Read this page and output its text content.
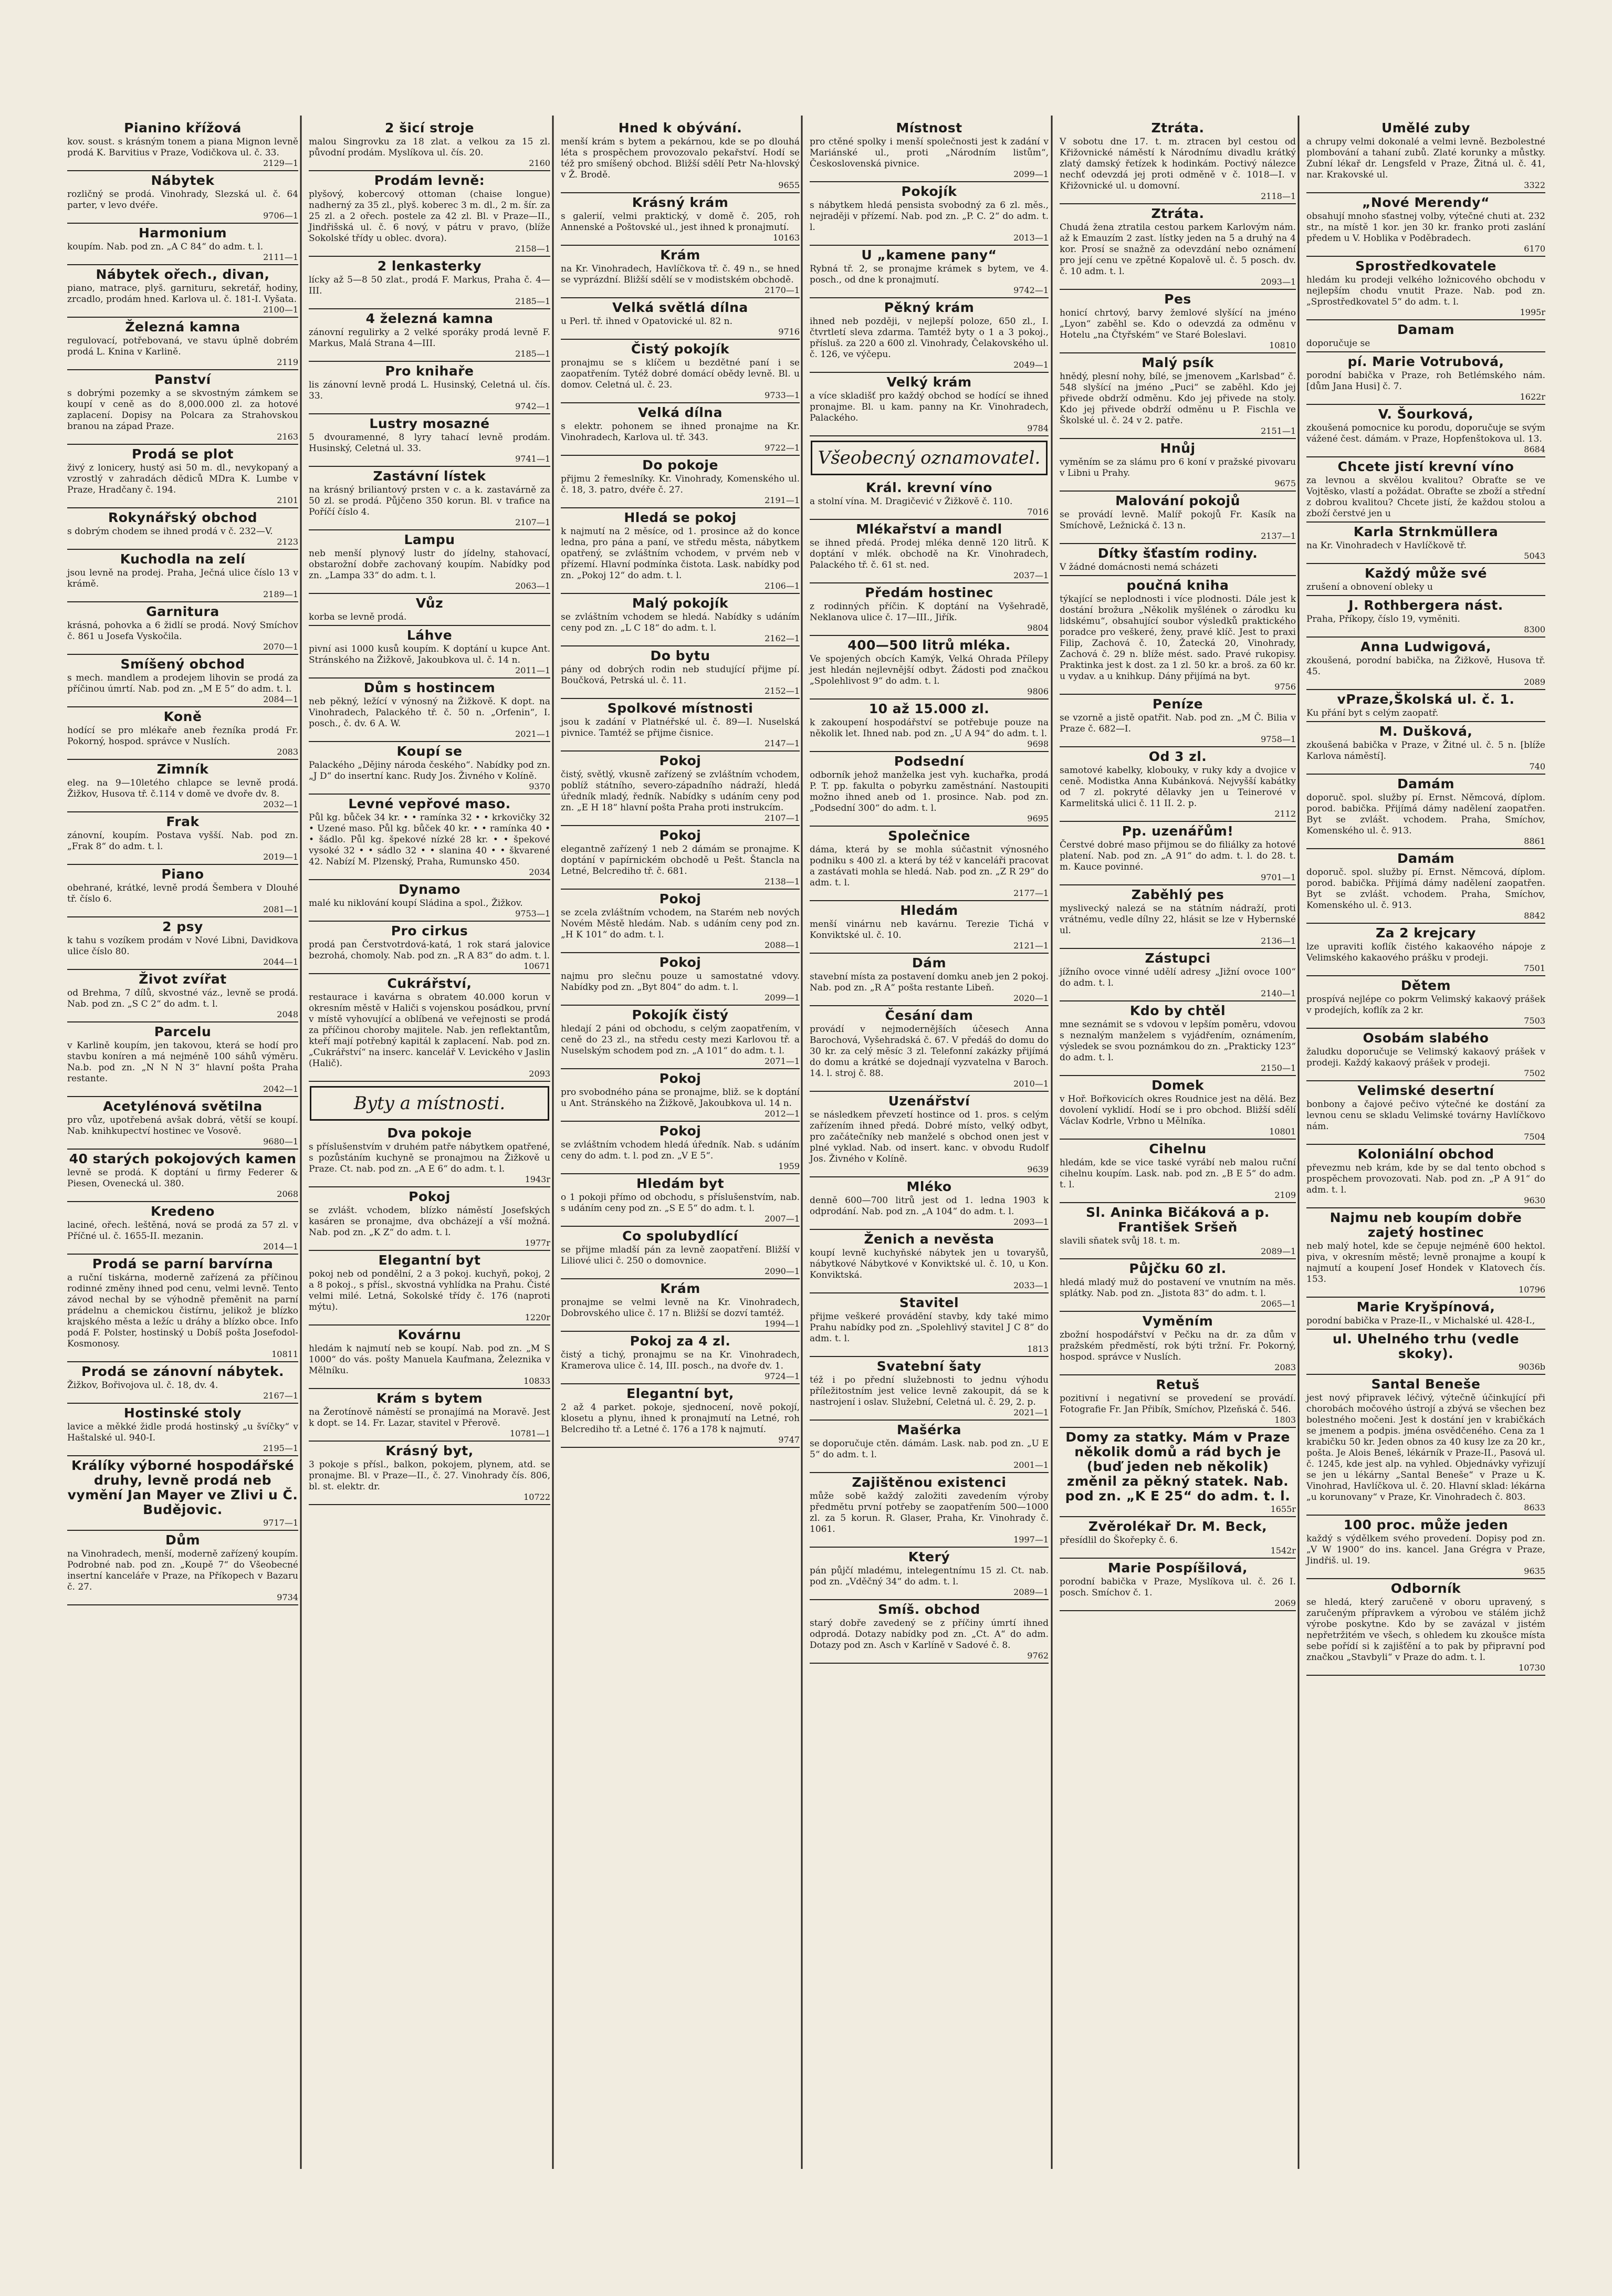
Pianino křížová

kov. soust. s krásným tonem a piana Mignon levně prodá K. Barvitius v Praze, Vodičkova ul. č. 33.

2129—1
Nábytek

rozličný se prodá. Vinohrady, Slezská ul. č. 64 parter, v levo dvéře.

9706—1
Harmonium

koupím. Nab. pod zn. „A C 84“ do adm. t. l.

2111—1
Nábytek ořech., divan,

piano, matrace, plyš. garnituru, sekretář, hodiny, zrcadlo, prodám hned. Karlova ul. č. 181-I. Vyšata.

2100—1
Železná kamna

regulovací, potřebovaná, ve stavu úplně dobrém prodá L. Knina v Karlině.

2119
Panství

s dobrými pozemky a se skvostným zámkem se koupí v ceně as do 8,000.000 zl. za hotové zaplacení. Dopisy na Polcara za Strahovskou branou na západ Praze.

2163
Prodá se plot

živý z lonicery, hustý asi 50 m. dl., nevykopaný a vzrostlý v zahradách dědiců MDra K. Lumbe v Praze, Hradčany č. 194.

2101
Rokynářský obchod

s dobrým chodem se ihned prodá v č. 232—V.

2123
Kuchodla na zelí

jsou levně na prodej. Praha, Ječná ulice číslo 13 v krámě.

2189—1
Garnitura

krásná, pohovka a 6 židlí se prodá. Nový Smíchov č. 861 u Josefa Vyskočila.

2070—1
Smíšený obchod

s mech. mandlem a prodejem lihovin se prodá za příčinou úmrtí. Nab. pod zn. „M E 5“ do adm. t. l.

2084—1
Koně

hodící se pro mlékaře aneb řezníka prodá Fr. Pokorný, hospod. správce v Nuslích.

2083
Zimník

eleg. na 9—10letého chlapce se levně prodá. Žižkov, Husova tř. č.114 v domě ve dvoře dv. 8.

2032—1
Frak

zánovní, koupím. Postava vyšší. Nab. pod zn. „Frak 8“ do adm. t. l.

2019—1
Piano

obehrané, krátké, levně prodá Šembera v Dlouhé tř. číslo 6.

2081—1
2 psy

k tahu s vozíkem prodám v Nové Libni, Davidkova ulice číslo 80.

2044—1
Život zvířat

od Brehma, 7 dílů, skvostné váz., levně se prodá. Nab. pod zn. „S C 2“ do adm. t. l.

2048
Parcelu

v Karlině koupím, jen takovou, která se hodí pro stavbu koníren a má nejméně 100 sáhů výměru. Na.b. pod zn. „N N N 3“ hlavní pošta Praha restante.

2042—1
Acetylénová světilna

pro vůz, upotřebená avšak dobrá, větší se koupí. Nab. knihkupectví hostinec ve Vosově.

9680—1
40 starých pokojových kamen

levně se prodá. K doptání u firmy Federer & Piesen, Ovenecká ul. 380.

2068
Kredeno

laciné, ořech. leštěná, nová se prodá za 57 zl. v Příčné ul. č. 1655-II. mezanin.

2014—1
Prodá se parní barvírna

a ruční tiskárna, moderně zařízená za příčinou rodinné změny ihned pod cenu, velmi levně. Tento závod nechal by se výhodně přeměnit na parní prádelnu a chemickou čistírnu, jelikož je blízko krajského města a ležíc u dráhy a blízko obce. Info podá F. Polster, hostinský u Dobíš pošta Josefodol-Kosmonosy.

10811
Prodá se zánovní nábytek.

Žižkov, Bořivojova ul. č. 18, dv. 4.

2167—1
Hostinské stoly

lavice a měkké židle prodá hostinský „u švíčky“ v Haštalské ul. 940-I.

2195—1
Králíky výborné hospodářské druhy, levně prodá neb vymění Jan Mayer ve Zlivi u Č. Budějovic.
9717—1
Dům

na Vinohradech, menší, moderně zařízený koupím. Podrobné nab. pod zn. „Koupě 7“ do Všeobecné insertní kanceláře v Praze, na Příkopech v Bazaru č. 27.

9734
2 šicí stroje

malou Singrovku za 18 zlat. a velkou za 15 zl. původní prodám. Myslíkova ul. čís. 20.

2160
Prodám levně:

plyšový, kobercový ottoman (chaise longue) nadherný za 35 zl., plyš. koberec 3 m. dl., 2 m. šír. za 25 zl. a 2 ořech. postele za 42 zl. Bl. v Praze—II., Jindřišská ul. č. 6 nový, v pátru v pravo, (blíže Sokolské třídy u oblec. dvora).

2158—1
2 lenkasterky

lícky až 5—8 50 zlat., prodá F. Markus, Praha č. 4—III.

2185—1
4 železná kamna

zánovní regulirky a 2 velké sporáky prodá levně F. Markus, Malá Strana 4—III.

2185—1
Pro knihaře

lis zánovní levně prodá L. Husinský, Celetná ul. čís. 33.

9742—1
Lustry mosazné

5 dvouramenné, 8 lyry tahací levně prodám. Husinský, Celetná ul. 33.

9741—1
Zastávní lístek

na krásný briliantový prsten v c. a k. zastavárně za 50 zl. se prodá. Půjčeno 350 korun. Bl. v trafice na Poříčí číslo 4.

2107—1
Lampu

neb menší plynový lustr do jídelny, stahovací, obstarožní dobře zachovaný koupím. Nabídky pod zn. „Lampa 33“ do adm. t. l.

2063—1
Vůz

korba se levně prodá.

Láhve

pivní asi 1000 kusů koupím. K doptání u kupce Ant. Stránského na Žižkově, Jakoubkova ul. č. 14 n.

2011—1
Dům s hostincem

neb pěkný, ležící v výnosný na Žižkově. K dopt. na Vinohradech, Palackého tř. č. 50 n. „Orfenin“, I. posch., č. dv. 6 A. W.

2021—1
Koupí se

Palackého „Dějiny národa českého“. Nabídky pod zn. „J D“ do insertní kanc. Rudy Jos. Živného v Kolíně.

9370
Levné vepřové maso.

Půl kg. bůček 34 kr. • • ramínka 32 • • krkovičky 32 • Uzené maso. Půl kg. bůček 40 kr. • • ramínka 40 • • šádlo. Půl kg. špekové nízké 28 kr. • • špekové vysoké 32 • • sádlo 32 • • slanina 40 • • škvarené 42. Nabízí M. Plzenský, Praha, Rumunsko 450.

2034
Dynamo

malé ku niklování koupí Sládina a spol., Žižkov.

9753—1
Pro cirkus

prodá pan Čerstvotrdová-katá, 1 rok stará jalovice bezrohá, chomoly. Nab. pod zn. „R A 83“ do adm. t. l.

10671
Cukrářství,

restaurace i kavárna s obratem 40.000 korun v okresním městě v Haliči s vojenskou posádkou, první v místě vyhovující a oblíbená ve veřejnosti se prodá za příčinou choroby majitele. Nab. jen reflektantům, kteří mají potřebný kapitál k zaplacení. Nab. pod zn. „Cukrářství“ na inserc. kancelář V. Levického v Jaslin (Halič).

2093
Byty a místnosti.
Dva pokoje

s příslušenstvím v druhém patře nábytkem opatřené, s pozůstáním kuchyně se pronajmou na Žižkově u Praze. Ct. nab. pod zn. „A E 6“ do adm. t. l.

1943r
Pokoj

se zvlášt. vchodem, blízko náměstí Josefských kasáren se pronajme, dva obcházejí a vší možná. Nab. pod zn. „K Z“ do adm. t. l.

1977r
Elegantní byt

pokoj neb od pondělní, 2 a 3 pokoj. kuchyň, pokoj, 2 a 8 pokoj., s přísl., skvostná vyhlídka na Prahu. Čisté velmi milé. Letná, Sokolské třídy č. 176 (naproti mýtu).

1220r
Kovárnu

hledám k najmutí neb se koupí. Nab. pod zn. „M S 1000“ do vás. pošty Manuela Kaufmana, Železnika v Mělníku.

10833
Krám s bytem

na Žerotínově náměstí se pronajímá na Moravě. Jest k dopt. se 14. Fr. Lazar, stavitel v Přerově.

10781—1
Krásný byt,

3 pokoje s přísl., balkon, pokojem, plynem, atd. se pronajme. Bl. v Praze—II., č. 27. Vinohrady čís. 806, bl. st. elektr. dr.

10722
Hned k obývání.

menší krám s bytem a pekárnou, kde se po dlouhá léta s prospěchem provozovalo pekařství. Hodí se též pro smíšený obchod. Bližší sdělí Petr Na-hlovský v Ž. Brodě.

9655
Krásný krám

s galerií, velmi praktický, v domě č. 205, roh Annenské a Poštovské ul., jest ihned k pronajmutí.

10163
Krám

na Kr. Vinohradech, Havlíčkova tř. č. 49 n., se hned se vyprázdní. Bližší sdělí se v modistském obchodě.

2170—1
Velká světlá dílna

u Perl. tř. ihned v Opatovické ul. 82 n.

9716
Čistý pokojík

pronajmu se s klíčem u bezdětné paní i se zaopatřením. Tytéž dobré domácí obědy levně. Bl. u domov. Celetná ul. č. 23.

9733—1
Velká dílna

s elektr. pohonem se ihned pronajme na Kr. Vinohradech, Karlova ul. tř. 343.

9722—1
Do pokoje

přijmu 2 řemeslníky. Kr. Vinohrady, Komenského ul. č. 18, 3. patro, dvéře č. 27.

2191—1
Hledá se pokoj

k najmutí na 2 měsíce, od 1. prosince až do konce ledna, pro pána a paní, ve středu města, nábytkem opatřený, se zvláštním vchodem, v prvém neb v přízemí. Hlavní podmínka čistota. Lask. nabídky pod zn. „Pokoj 12“ do adm. t. l.

2106—1
Malý pokojík

se zvláštním vchodem se hledá. Nabídky s udáním ceny pod zn. „L C 18“ do adm. t. l.

2162—1
Do bytu

pány od dobrých rodin neb studující přijme pí. Boučková, Petrská ul. č. 11.

2152—1
Spolkové místnosti

jsou k zadání v Platnéřské ul. č. 89—I. Nuselská pivnice. Tamtéž se přijme čisnice.

2147—1
Pokoj

čistý, světlý, vkusně zařízený se zvláštním vchodem, poblíž státního, severo-západního nádraží, hledá úředník mladý, ředník. Nabídky s udáním ceny pod zn. „E H 18“ hlavní pošta Praha proti instrukcím.

2107—1
Pokoj

elegantně zařízený 1 neb 2 dámám se pronajme. K doptání v papírnickém obchodě u Pešt. Štancla na Letné, Belcrediho tř. č. 681.

2138—1
Pokoj

se zcela zvláštním vchodem, na Starém neb nových Novém Městě hledám. Nab. s udáním ceny pod zn. „H K 101“ do adm. t. l.

2088—1
Pokoj

najmu pro slečnu pouze u samostatné vdovy. Nabídky pod zn. „Byt 804“ do adm. t. l.

2099—1
Pokojík čistý

hledají 2 páni od obchodu, s celým zaopatřením, v ceně do 23 zl., na středu cesty mezi Karlovou tř. a Nuselským schodem pod zn. „A 101“ do adm. t. l.

2071—1
Pokoj

pro svobodného pána se pronajme, bliž. se k doptání u Ant. Stránského na Žižkově, Jakoubkova ul. 14 n.

2012—1
Pokoj

se zvláštním vchodem hledá úředník. Nab. s udáním ceny do adm. t. l. pod zn. „V E 5“.

1959
Hledám byt

o 1 pokoji přímo od obchodu, s příslušenstvím, nab. s udáním ceny pod zn. „S E 5“ do adm. t. l.

2007—1
Co spolubydlící

se přijme mladší pán za levně zaopatření. Bližší v Liliové ulici č. 250 o domovnice.

2090—1
Krám

pronajme se velmi levně na Kr. Vinohradech, Dobrovského ulice č. 17 n. Bližší se dozví tamtéž.

1994—1
Pokoj za 4 zl.

čistý a tichý, pronajmu se na Kr. Vinohradech, Kramerova ulice č. 14, III. posch., na dvoře dv. 1.

9724—1
Elegantní byt,

2 až 4 parket. pokoje, sjednocení, nově pokojí, klosetu a plynu, ihned k pronajmutí na Letné, roh Belcrediho tř. a Letné č. 176 a 178 k najmutí.

9747
Místnost

pro ctěné spolky i menší společnosti jest k zadání v Mariánské ul., proti „Národním listům“, Československá pivnice.

2099—1
Pokojík

s nábytkem hledá pensista svobodný za 6 zl. měs., nejraději v přízemí. Nab. pod zn. „P. C. 2“ do adm. t. l.

2013—1
U „kamene pany“

Rybná tř. 2, se pronajme krámek s bytem, ve 4. posch., od dne k pronajmutí.

9742—1
Pěkný krám

ihned neb později, v nejlepší poloze, 650 zl., I. čtvrtletí sleva zdarma. Tamtéž byty o 1 a 3 pokoj., přísluš. za 220 a 600 zl. Vinohrady, Čelakovského ul. č. 126, ve výčepu.

2049—1
Velký krám

a více skladišť pro každý obchod se hodící se ihned pronajme. Bl. u kam. panny na Kr. Vinohradech, Palackého.

9784
Všeobecný oznamovatel.
Král. krevní víno

a stolní vína. M. Dragičević v Žižkově č. 110.

7016
Mlékařství a mandl

se ihned předá. Prodej mléka denně 120 litrů. K doptání v mlék. obchodě na Kr. Vinohradech, Palackého tř. č. 61 st. ned.

2037—1
Předám hostinec

z rodinných příčin. K doptání na Vyšehradě, Neklanova ulice č. 17—III., Jiřík.

9804
400—500 litrů mléka.

Ve spojených obcích Kamýk, Velká Ohrada Přílepy jest hledán nejlevnější odbyt. Žádosti pod značkou „Spolehlivost 9“ do adm. t. l.

9806
10 až 15.000 zl.

k zakoupení hospodářství se potřebuje pouze na několik let. Ihned nab. pod zn. „U A 94“ do adm. t. l.

9698
Podsední

odborník jehož manželka jest vyh. kuchařka, prodá P. T. pp. fakulta o pobyrku zaměstnání. Nastoupiti možno ihned aneb od 1. prosince. Nab. pod zn. „Podsední 300“ do adm. t. l.

9695
Společnice

dáma, která by se mohla súčastnit výnosného podniku s 400 zl. a která by též v kanceláři pracovat a zastávati mohla se hledá. Nab. pod zn. „Z R 29“ do adm. t. l.

2177—1
Hledám

menší vinárnu neb kavárnu. Terezie Tichá v Konviktské ul. č. 10.

2121—1
Dám

stavební místa za postavení domku aneb jen 2 pokoj. Nab. pod zn. „R A“ pošta restante Libeň.

2020—1
Česání dam

provádí v nejmodernějších účesech Anna Barochová, Vyšehradská č. 67. V předáš do domu do 30 kr. za celý měsíc 3 zl. Telefonní zakázky přijímá do domu a krátké se dojednají vyzvatelna v Baroch. 14. l. stroj č. 88.

2010—1
Uzenářství

se následkem převzetí hostince od 1. pros. s celým zařízením ihned předá. Dobré místo, velký odbyt, pro začátečníky neb manželé s obchod onen jest v plné vyklad. Nab. od insert. kanc. v obvodu Rudolf Jos. Živného v Kolíně.

9639
Mléko

denně 600—700 litrů jest od 1. ledna 1903 k odprodání. Nab. pod zn. „A 104“ do adm. t. l.

2093—1
Ženich a nevěsta

koupí levně kuchyňské nábytek jen u tovaryšů, nábytkové Nábytkové v Konviktské ul. č. 10, u Kon. Konviktská.

2033—1
Stavitel

přijme veškeré provádění stavby, kdy také mimo Prahu nabídky pod zn. „Spolehlivý stavitel J C 8“ do adm. t. l.

1813
Svatební šaty

též i po přední služebnosti to jednu výhodu příležitostním jest velice levně zakoupit, dá se k nastrojení i oslav. Služební, Celetná ul. č. 29, 2. p.

2021—1
Mašérka

se doporučuje ctěn. dámám. Lask. nab. pod zn. „U E 5“ do adm. t. l.

2001—1
Zajištěnou existenci

může sobě každý založiti zavedením výroby předmětu první potřeby se zaopatřením 500—1000 zl. za 5 korun. R. Glaser, Praha, Kr. Vinohrady č. 1061.

1997—1
Který

pán půjčí mladému, intelegentnímu 15 zl. Ct. nab. pod zn. „Vděčný 34“ do adm. t. l.

2089—1
Smíš. obchod

starý dobře zavedený se z příčiny úmrtí ihned odprodá. Dotazy nabídky pod zn. „Ct. A“ do adm. Dotazy pod zn. Asch v Karlíně v Sadové č. 8.

9762
Ztráta.

V sobotu dne 17. t. m. ztracen byl cestou od Křižovnické náměstí k Národnímu divadlu krátký zlatý damský řetízek k hodinkám. Poctivý nálezce nechť odevzdá jej proti odměně v č. 1018—I. v Křižovnické ul. u domovní.

2118—1
Ztráta.

Chudá žena ztratila cestou parkem Karlovým nám. až k Emauzím 2 zast. lístky jeden na 5 a druhý na 4 kor. Prosí se snažně za odevzdání nebo oznámení pro její cenu ve zpětné Kopalově ul. č. 5 posch. dv. č. 10 adm. t. l.

2093—1
Pes

honicí chrtový, barvy žemlové slyšící na jméno „Lyon“ zaběhl se. Kdo o odevzdá za odměnu v Hotelu „na Čtyřském“ ve Staré Boleslavi.

10810
Malý psík

hnědý, plesní nohy, bílé, se jmenovem „Karlsbad“ č. 548 slyšící na jméno „Puci“ se zaběhl. Kdo jej přivede obdrží odměnu. Kdo jej přivede na stoly. Kdo jej přivede obdrží odměnu u P. Fischla ve Školské ul. č. 24 v 2. patře.

2151—1
Hnůj

vyměním se za slámu pro 6 koní v pražské pivovaru v Libni u Prahy.

9675
Malování pokojů

se provádí levně. Malíř pokojů Fr. Kasík na Smíchově, Ležnická č. 13 n.

2137—1
Dítky šťastím rodiny.

V žádné domácnosti nemá scházeti

poučná kniha

týkající se neplodnosti i více plodnosti. Dále jest k dostání brožura „Několik myšlének o zárodku ku lidskému“, obsahující soubor výsledků praktického poradce pro veškeré, ženy, pravé klíč. Jest to praxi Filip, Zachová č. 10, Žatecká 20, Vinohrady, Zachová č. 29 n. blíže mést. sado. Pravé rukopisy. Praktinka jest k dost. za 1 zl. 50 kr. a broš. za 60 kr. u vydav. a u knihkup. Dány přijímá na byt.

9756
Peníze

se vzorně a jistě opatřit. Nab. pod zn. „M Č. Bilia v Praze č. 682—I.

9758—1
Od 3 zl.

samotové kabelky, klobouky, v ruky kdy a dvojice v ceně. Modistka Anna Kubánková. Nejvyšší kabátky od 7 zl. pokryté dělavky jen u Teinerové v Karmelitská ulici č. 11 II. 2. p.

2112
Pp. uzenářům!

Čerstvé dobré maso přijmou se do filiálky za hotové platení. Nab. pod zn. „A 91“ do adm. t. l. do 28. t. m. Kauce povinné.

9701—1
Zaběhlý pes

myslivecký nalezá se na státním nádraží, proti vrátnému, vedle dílny 22, hlásit se lze v Hybernské ul.

2136—1
Zástupci

jížního ovoce vinné udělí adresy „Jižní ovoce 100“ do adm. t. l.

2140—1
Kdo by chtěl

mne seznámit se s vdovou v lepším poměru, vdovou s neznalým manželem s vyjádřením, oznámením, výsledek se svou poznámkou do zn. „Prakticky 123“ do adm. t. l.

2150—1
Domek

v Hoř. Bořkovicích okres Roudnice jest na dělá. Bez dovolení vyklidí. Hodí se i pro obchod. Bližší sdělí Václav Kodrle, Vrbno u Mělníka.

10801
Cihelnu

hledám, kde se vice taské vyrábí neb malou ruční cihelnu koupím. Lask. nab. pod zn. „B E 5“ do adm. t. l.

2109
Sl. Aninka Bičáková a p. František Sršeň

slavili sňatek svůj 18. t. m.

2089—1
Půjčku 60 zl.

hledá mladý muž do postavení ve vnutním na měs. splátky. Nab. pod zn. „Jistota 83“ do adm. t. l.

2065—1
Vyměním

zbožní hospodářství v Pečku na dr. za dům v pražském předměstí, rok býti tržní. Fr. Pokorný, hospod. správce v Nuslích.

2083
Retuš

pozitivní i negativní se provedení se provádí. Fotografie Fr. Jan Přibík, Smíchov, Plzeňská č. 546.

1803
Domy za statky. Mám v Praze několik domů a rád bych je (buď jeden neb několik) změnil za pěkný statek. Nab. pod zn. „K E 25“ do adm. t. l.
1655r
Zvěrolékař Dr. M. Beck,

přesídlil do Škořepky č. 6.

1542r
Marie Pospíšilová,

porodní babička v Praze, Myslíkova ul. č. 26 I. posch. Smíchov č. 1.

2069
Umělé zuby

a chrupy velmi dokonalé a velmi levně. Bezbolestné plombování a tahaní zubů. Zlaté korunky a můstky. Zubní lékař dr. Lengsfeld v Praze, Žitná ul. č. 41, nar. Krakovské ul.

3322
„Nové Merendy“

obsahují mnoho sťastnej volby, výtečné chuti at. 232 str., na místě 1 kor. jen 30 kr. franko proti zaslání předem u V. Hoblika v Poděbradech.

6170
Sprostředkovatele

hledám ku prodeji velkého ložnicového obchodu v nejlepším chodu vnutit Praze. Nab. pod zn. „Sprostředkovatel 5“ do adm. t. l.

1995r
Damam

doporučuje se

pí. Marie Votrubová,

porodní babička v Praze, roh Betlémského nám. [dům Jana Husi] č. 7.

1622r
V. Šourková,

zkoušená pomocnice ku porodu, doporučuje se svým vážené čest. dámám. v Praze, Hopfenštokova ul. 13.

8684
Chcete jistí krevní víno

za levnou a skvělou kvalitou? Obraťte se ve Vojtěsko, vlastí a požádat. Obraťte se zboží a střední z dobrou kvalitou? Chcete jistí, že každou stolou a zboží čerstvé jen u

Karla Strnkmüllera

na Kr. Vinohradech v Havlíčkově tř.

5043
Každý může své

zrušení a obnovení obleky u

J. Rothbergera nást.

Praha, Příkopy, číslo 19, vyměniti.

8300
Anna Ludwigová,

zkoušená, porodní babička, na Žižkově, Husova tř. 45.

2089
vPraze,Školská ul. č. 1.

Ku přání byt s celým zaopatř.

M. Dušková,

zkoušená babička v Praze, v Žitné ul. č. 5 n. [blíže Karlova náměstí].

740
Damám

doporuč. spol. služby pí. Ernst. Němcová, díplom. porod. babička. Přijímá dámy nadělení zaopatřen. Byt se zvlášt. vchodem. Praha, Smíchov, Komenského ul. č. 913.

8861
Damám

doporuč. spol. služby pí. Ernst. Němcová, díplom. porod. babička. Přijímá dámy nadělení zaopatřen. Byt se zvlášt. vchodem. Praha, Smíchov, Komenského ul. č. 913.

8842
Za 2 krejcary

lze upraviti koflík čistého kakaového nápoje z Velimského kakaového prášku v prodeji.

7501
Dětem

prospívá nejlépe co pokrm Velimský kakaový prášek v prodejích, koflík za 2 kr.

7503
Osobám slabého

žaludku doporučuje se Velimský kakaový prášek v prodeji. Každý kakaový prášek v prodeji.

7502
Velimské desertní

bonbony a čajové pečivo výtečné ke dostání za levnou cenu se skladu Velimské továrny Havlíčkovo nám.

7504
Koloniální obchod

převezmu neb krám, kde by se dal tento obchod s prospěchem provozovati. Nab. pod zn. „P A 91“ do adm. t. l.

9630
Najmu neb koupím dobře zajetý hostinec

neb malý hotel, kde se čepuje nejméně 600 hektol. piva, v okresním městě; levně pronajme a koupí k najmutí a koupení Josef Hondek v Klatovech čís. 153.

10796
Marie Kryšpínová,

porodní babička v Praze-II., v Michalské ul. 428-I.,

ul. Uhelného trhu (vedle skoky).
9036b
Santal Beneše

jest nový připravek léčivý, výtečně účinkující při chorobách močového ústrojí a zbývá se všechen bez bolestného močeni. Jest k dostání jen v krabičkách se jmenem a podpis. jména osvědčeného. Cena za 1 krabičku 50 kr. Jeden obnos za 40 kusy lze za 20 kr., pošta. Je Alois Beneš, lékárník v Praze-II., Pasová ul. č. 1245, kde jest alp. na vyhled. Objednávky vyřizují se jen u lékárny „Santal Beneše“ v Praze u K. Vinohrad, Havlíčkova ul. č. 20. Hlavní sklad: lékárna „u korunovany“ v Praze, Kr. Vinohradech č. 803.

8633
100 proc. může jeden

každý s výdělkem svého provedení. Dopisy pod zn. „V W 1900“ do ins. kancel. Jana Grégra v Praze, Jindřiš. ul. 19.

9635
Odborník

se hledá, který zaručeně v oboru upravený, s zaručeným přípravkem a výrobou ve stálém jichž výrobe poskytne. Kdo by se zavázal v jistém nepřetržitém ve všech, s ohledem ku zkoušce místa sebe pořídí si k zajišťění a to pak by připravní pod značkou „Stavbyli“ v Praze do adm. t. l.

10730
